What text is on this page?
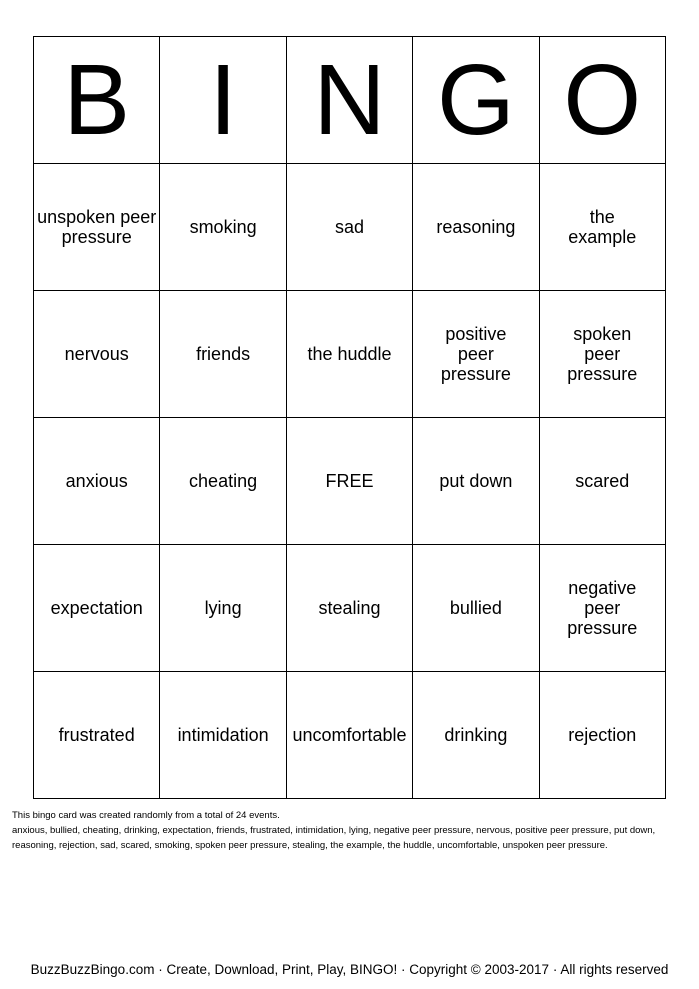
B	I	N	G	O
unspoken peer pressure	smoking	sad	reasoning	the example
nervous	friends	the huddle	positive peer pressure	spoken peer pressure
anxious	cheating	FREE	put down	scared
expectation	lying	stealing	bullied	negative peer pressure
frustrated	intimidation	uncomfortable	drinking	rejection
This bingo card was created randomly from a total of 24 events.
anxious, bullied, cheating, drinking, expectation, friends, frustrated, intimidation, lying, negative peer pressure, nervous, positive peer pressure, put down,
reasoning, rejection, sad, scared, smoking, spoken peer pressure, stealing, the example, the huddle, uncomfortable, unspoken peer pressure.
BuzzBuzzBingo.com · Create, Download, Print, Play, BINGO! · Copyright © 2003-2017 · All rights reserved
